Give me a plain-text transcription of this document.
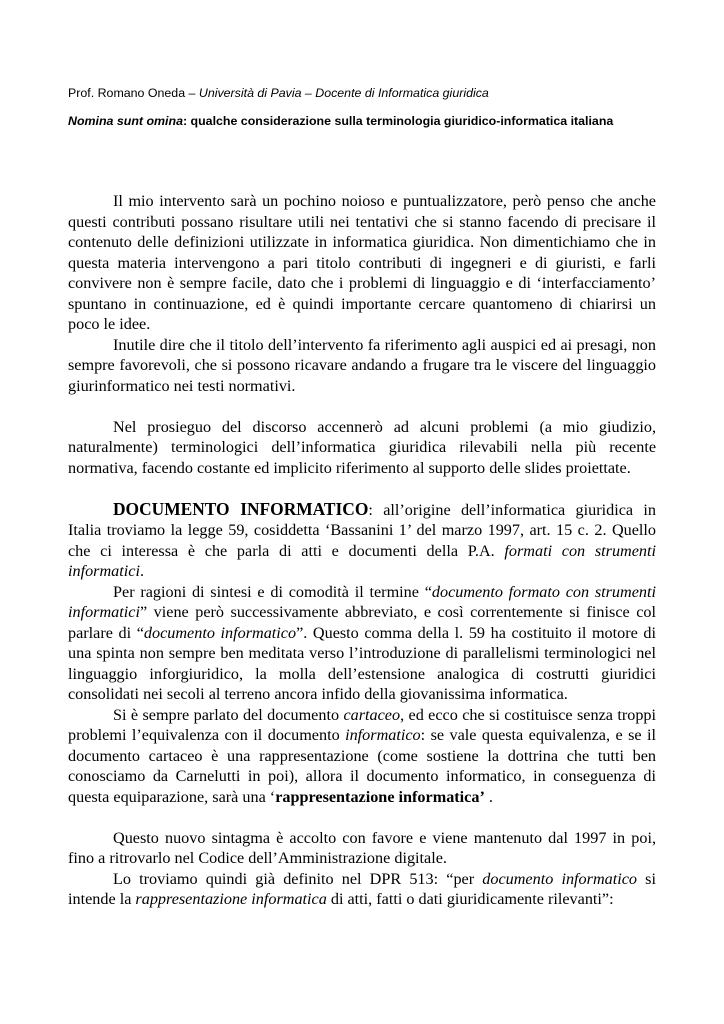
Prof. Romano Oneda – Università di Pavia – Docente di Informatica giuridica
Nomina sunt omina: qualche considerazione sulla terminologia giuridico-informatica italiana

Il mio intervento sarà un pochino noioso e puntualizzatore, però penso che anche questi contributi possano risultare utili nei tentativi che si stanno facendo di precisare il contenuto delle definizioni utilizzate in informatica giuridica. Non dimentichiamo che in questa materia intervengono a pari titolo contributi di ingegneri e di giuristi, e farli convivere non è sempre facile, dato che i problemi di linguaggio e di ‘interfacciamento’ spuntano in continuazione, ed è quindi importante cercare quantomeno di chiarirsi un poco le idee.

Inutile dire che il titolo dell’intervento fa riferimento agli auspici ed ai presagi, non sempre favorevoli, che si possono ricavare andando a frugare tra le viscere del linguaggio giurinformatico nei testi normativi.

Nel prosieguo del discorso accennerò ad alcuni problemi (a mio giudizio, naturalmente) terminologici dell’informatica giuridica rilevabili nella più recente normativa, facendo costante ed implicito riferimento al supporto delle slides proiettate.

DOCUMENTO INFORMATICO: all’origine dell’informatica giuridica in Italia troviamo la legge 59, cosiddetta ‘Bassanini 1’ del marzo 1997, art. 15 c. 2. Quello che ci interessa è che parla di atti e documenti della P.A. formati con strumenti informatici.

Per ragioni di sintesi e di comodità il termine “documento formato con strumenti informatici” viene però successivamente abbreviato, e così correntemente si finisce col parlare di “documento informatico”. Questo comma della l. 59 ha costituito il motore di una spinta non sempre ben meditata verso l’introduzione di parallelismi terminologici nel linguaggio inforgiuridico, la molla dell’estensione analogica di costrutti giuridici consolidati nei secoli al terreno ancora infido della giovanissima informatica.

Si è sempre parlato del documento cartaceo, ed ecco che si costituisce senza troppi problemi l’equivalenza con il documento informatico: se vale questa equivalenza, e se il documento cartaceo è una rappresentazione (come sostiene la dottrina che tutti ben conosciamo da Carnelutti in poi), allora il documento informatico, in conseguenza di questa equiparazione, sarà una ‘rappresentazione informatica’ .

Questo nuovo sintagma è accolto con favore e viene mantenuto dal 1997 in poi, fino a ritrovarlo nel Codice dell’Amministrazione digitale.

Lo troviamo quindi già definito nel DPR 513: “per documento informatico si intende la rappresentazione informatica di atti, fatti o dati giuridicamente rilevanti”:
